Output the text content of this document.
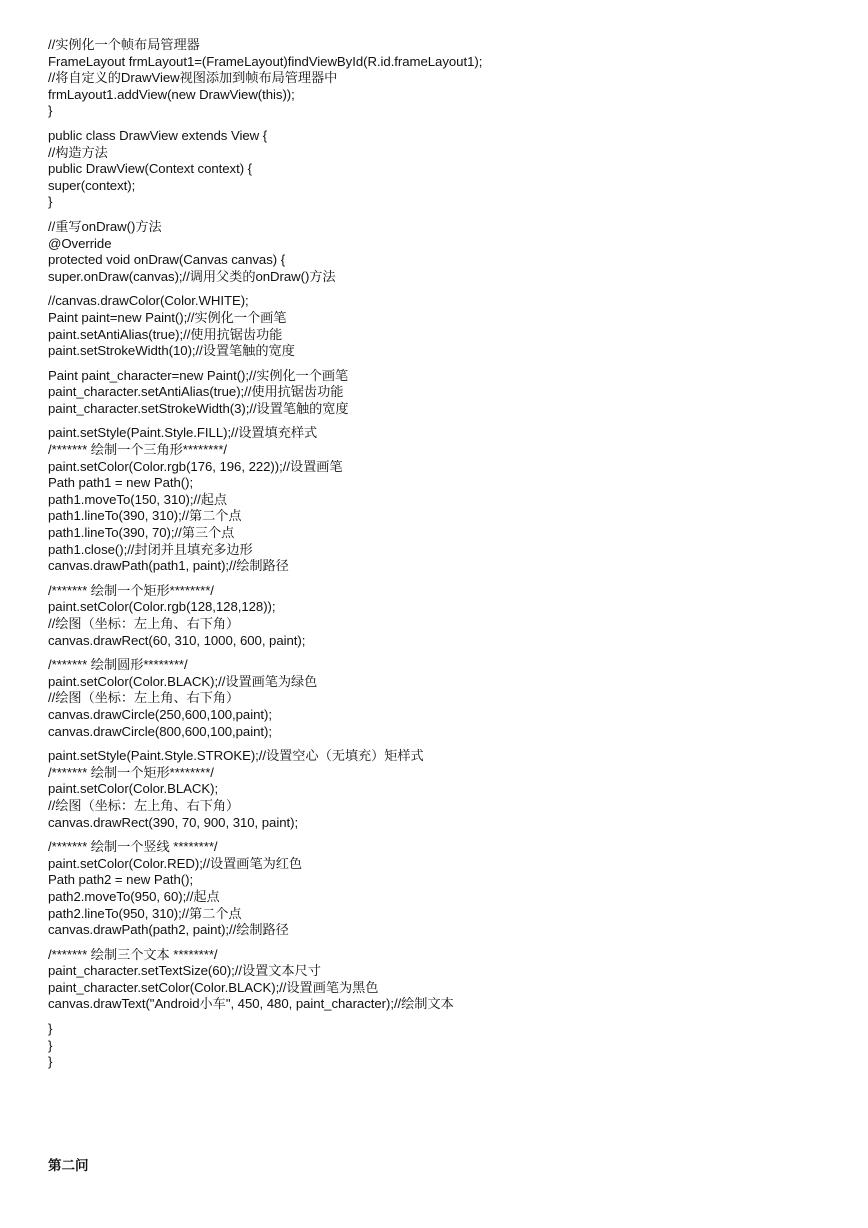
//实例化一个帧布局管理器
FrameLayout frmLayout1=(FrameLayout)findViewById(R.id.frameLayout1);
//将自定义的DrawView视图添加到帧布局管理器中
frmLayout1.addView(new DrawView(this));
}
public class DrawView extends View {
//构造方法
public DrawView(Context context) {
super(context);
}
//重写onDraw()方法
@Override
protected void onDraw(Canvas canvas) {
super.onDraw(canvas);//调用父类的onDraw()方法
//canvas.drawColor(Color.WHITE);
Paint paint=new Paint();//实例化一个画笔
paint.setAntiAlias(true);//使用抗锯齿功能
paint.setStrokeWidth(10);//设置笔触的宽度
Paint paint_character=new Paint();//实例化一个画笔
paint_character.setAntiAlias(true);//使用抗锯齿功能
paint_character.setStrokeWidth(3);//设置笔触的宽度
paint.setStyle(Paint.Style.FILL);//设置填充样式
/******* 绘制一个三角形********/
paint.setColor(Color.rgb(176, 196, 222));//设置画笔
Path path1 = new Path();
path1.moveTo(150, 310);//起点
path1.lineTo(390, 310);//第二个点
path1.lineTo(390, 70);//第三个点
path1.close();//封闭并且填充多边形
canvas.drawPath(path1, paint);//绘制路径
/******* 绘制一个矩形********/
paint.setColor(Color.rgb(128,128,128));
//绘图（坐标：左上角、右下角）
canvas.drawRect(60, 310, 1000, 600, paint);
/******* 绘制圆形********/
paint.setColor(Color.BLACK);//设置画笔为绿色
//绘图（坐标：左上角、右下角）
canvas.drawCircle(250,600,100,paint);
canvas.drawCircle(800,600,100,paint);
paint.setStyle(Paint.Style.STROKE);//设置空心（无填充）矩样式
/******* 绘制一个矩形********/
paint.setColor(Color.BLACK);
//绘图（坐标：左上角、右下角）
canvas.drawRect(390, 70, 900, 310, paint);
/******* 绘制一个竖线 ********/
paint.setColor(Color.RED);//设置画笔为红色
Path path2 = new Path();
path2.moveTo(950, 60);//起点
path2.lineTo(950, 310);//第二个点
canvas.drawPath(path2, paint);//绘制路径
/******* 绘制三个文本 ********/
paint_character.setTextSize(60);//设置文本尺寸
paint_character.setColor(Color.BLACK);//设置画笔为黑色
canvas.drawText("Android小车", 450, 480, paint_character);//绘制文本
}
}
}
第二问
